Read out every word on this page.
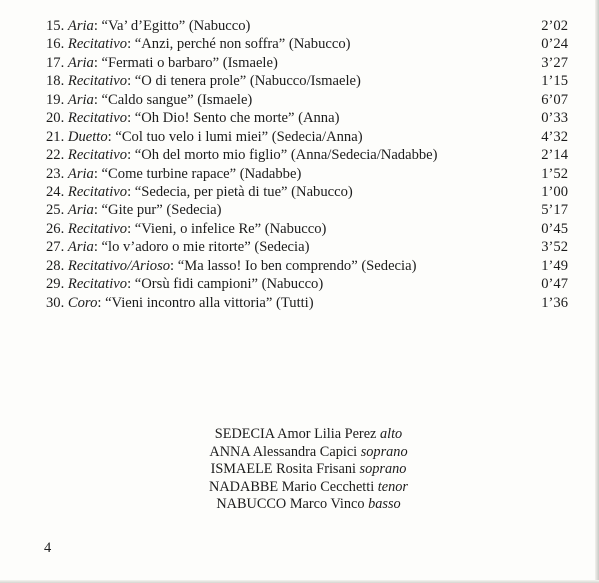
15. Aria: “Va’ d’Egitto” (Nabucco)	2’02
16. Recitativo: “Anzi, perché non soffra” (Nabucco)	0’24
17. Aria: “Fermati o barbaro” (Ismaele)	3’27
18. Recitativo: “O di tenera prole” (Nabucco/Ismaele)	1’15
19. Aria: “Caldo sangue” (Ismaele)	6’07
20. Recitativo: “Oh Dio! Sento che morte” (Anna)	0’33
21. Duetto: “Col tuo velo i lumi miei” (Sedecia/Anna)	4’32
22. Recitativo: “Oh del morto mio figlio” (Anna/Sedecia/Nadabbe)	2’14
23. Aria: “Come turbine rapace” (Nadabbe)	1’52
24. Recitativo: “Sedecia, per pietà di tue” (Nabucco)	1’00
25. Aria: “Gite pur” (Sedecia)	5’17
26. Recitativo: “Vieni, o infelice Re” (Nabucco)	0’45
27. Aria: “lo v’adoro o mie ritorte” (Sedecia)	3’52
28. Recitativo/Arioso: “Ma lasso! Io ben comprendo” (Sedecia)	1’49
29. Recitativo: “Orsù fidi campioni” (Nabucco)	0’47
30. Coro: “Vieni incontro alla vittoria” (Tutti)	1’36
SEDECIA Amor Lilia Perez alto
ANNA Alessandra Capici soprano
ISMAELE Rosita Frisani soprano
NADABBE Mario Cecchetti tenor
NABUCCO Marco Vinco basso
4
